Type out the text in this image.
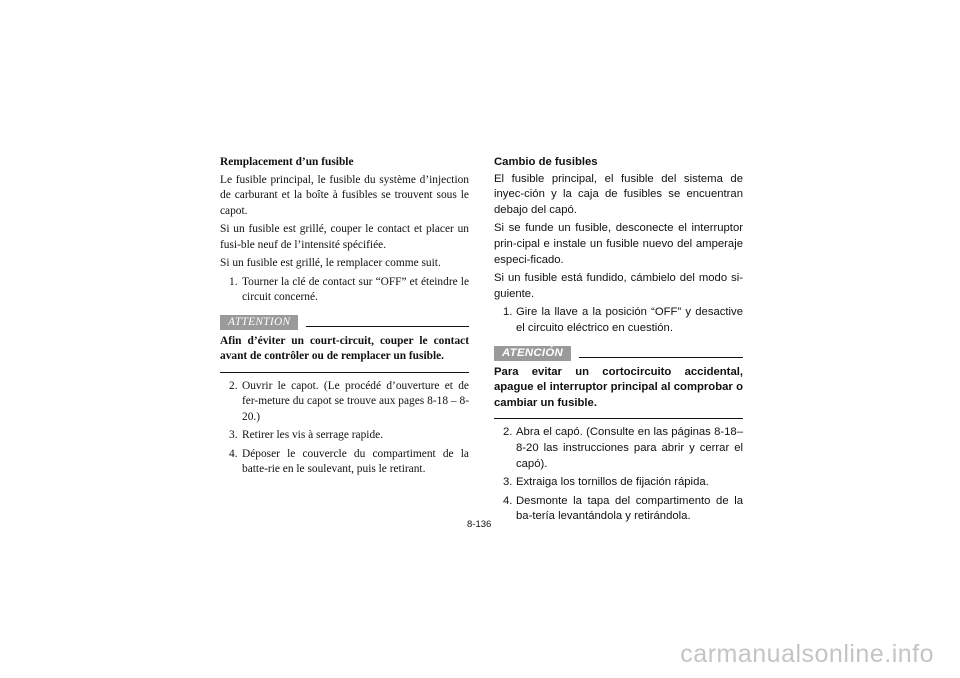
Remplacement d’un fusible

Le fusible principal, le fusible du système d’injection de carburant et la boîte à fusibles se trouvent sous le capot.

Si un fusible est grillé, couper le contact et placer un fusi-ble neuf de l’intensité spécifiée.

Si un fusible est grillé, le remplacer comme suit.

1. Tourner la clé de contact sur “OFF” et éteindre le circuit concerné.
ATTENTION

Afin d’éviter un court-circuit, couper le contact avant de contrôler ou de remplacer un fusible.

2. Ouvrir le capot. (Le procédé d’ouverture et de fer-meture du capot se trouve aux pages 8-18 – 8-20.)
3. Retirer les vis à serrage rapide.
4. Déposer le couvercle du compartiment de la batte-rie en le soulevant, puis le retirant.
Cambio de fusibles

El fusible principal, el fusible del sistema de inyec-ción y la caja de fusibles se encuentran debajo del capó.

Si se funde un fusible, desconecte el interruptor prin-cipal e instale un fusible nuevo del amperaje especi-ficado.

Si un fusible está fundido, cámbielo del modo si-guiente.

1. Gire la llave a la posición “OFF” y desactive el circuito eléctrico en cuestión.
ATENCIÓN

Para evitar un cortocircuito accidental, apague el interruptor principal al comprobar o cambiar un fusible.

2. Abra el capó. (Consulte en las páginas 8-18–8-20 las instrucciones para abrir y cerrar el capó).
3. Extraiga los tornillos de fijación rápida.
4. Desmonte la tapa del compartimento de la ba-tería levantándola y retirándola.
8-136
carmanualsonline.info
